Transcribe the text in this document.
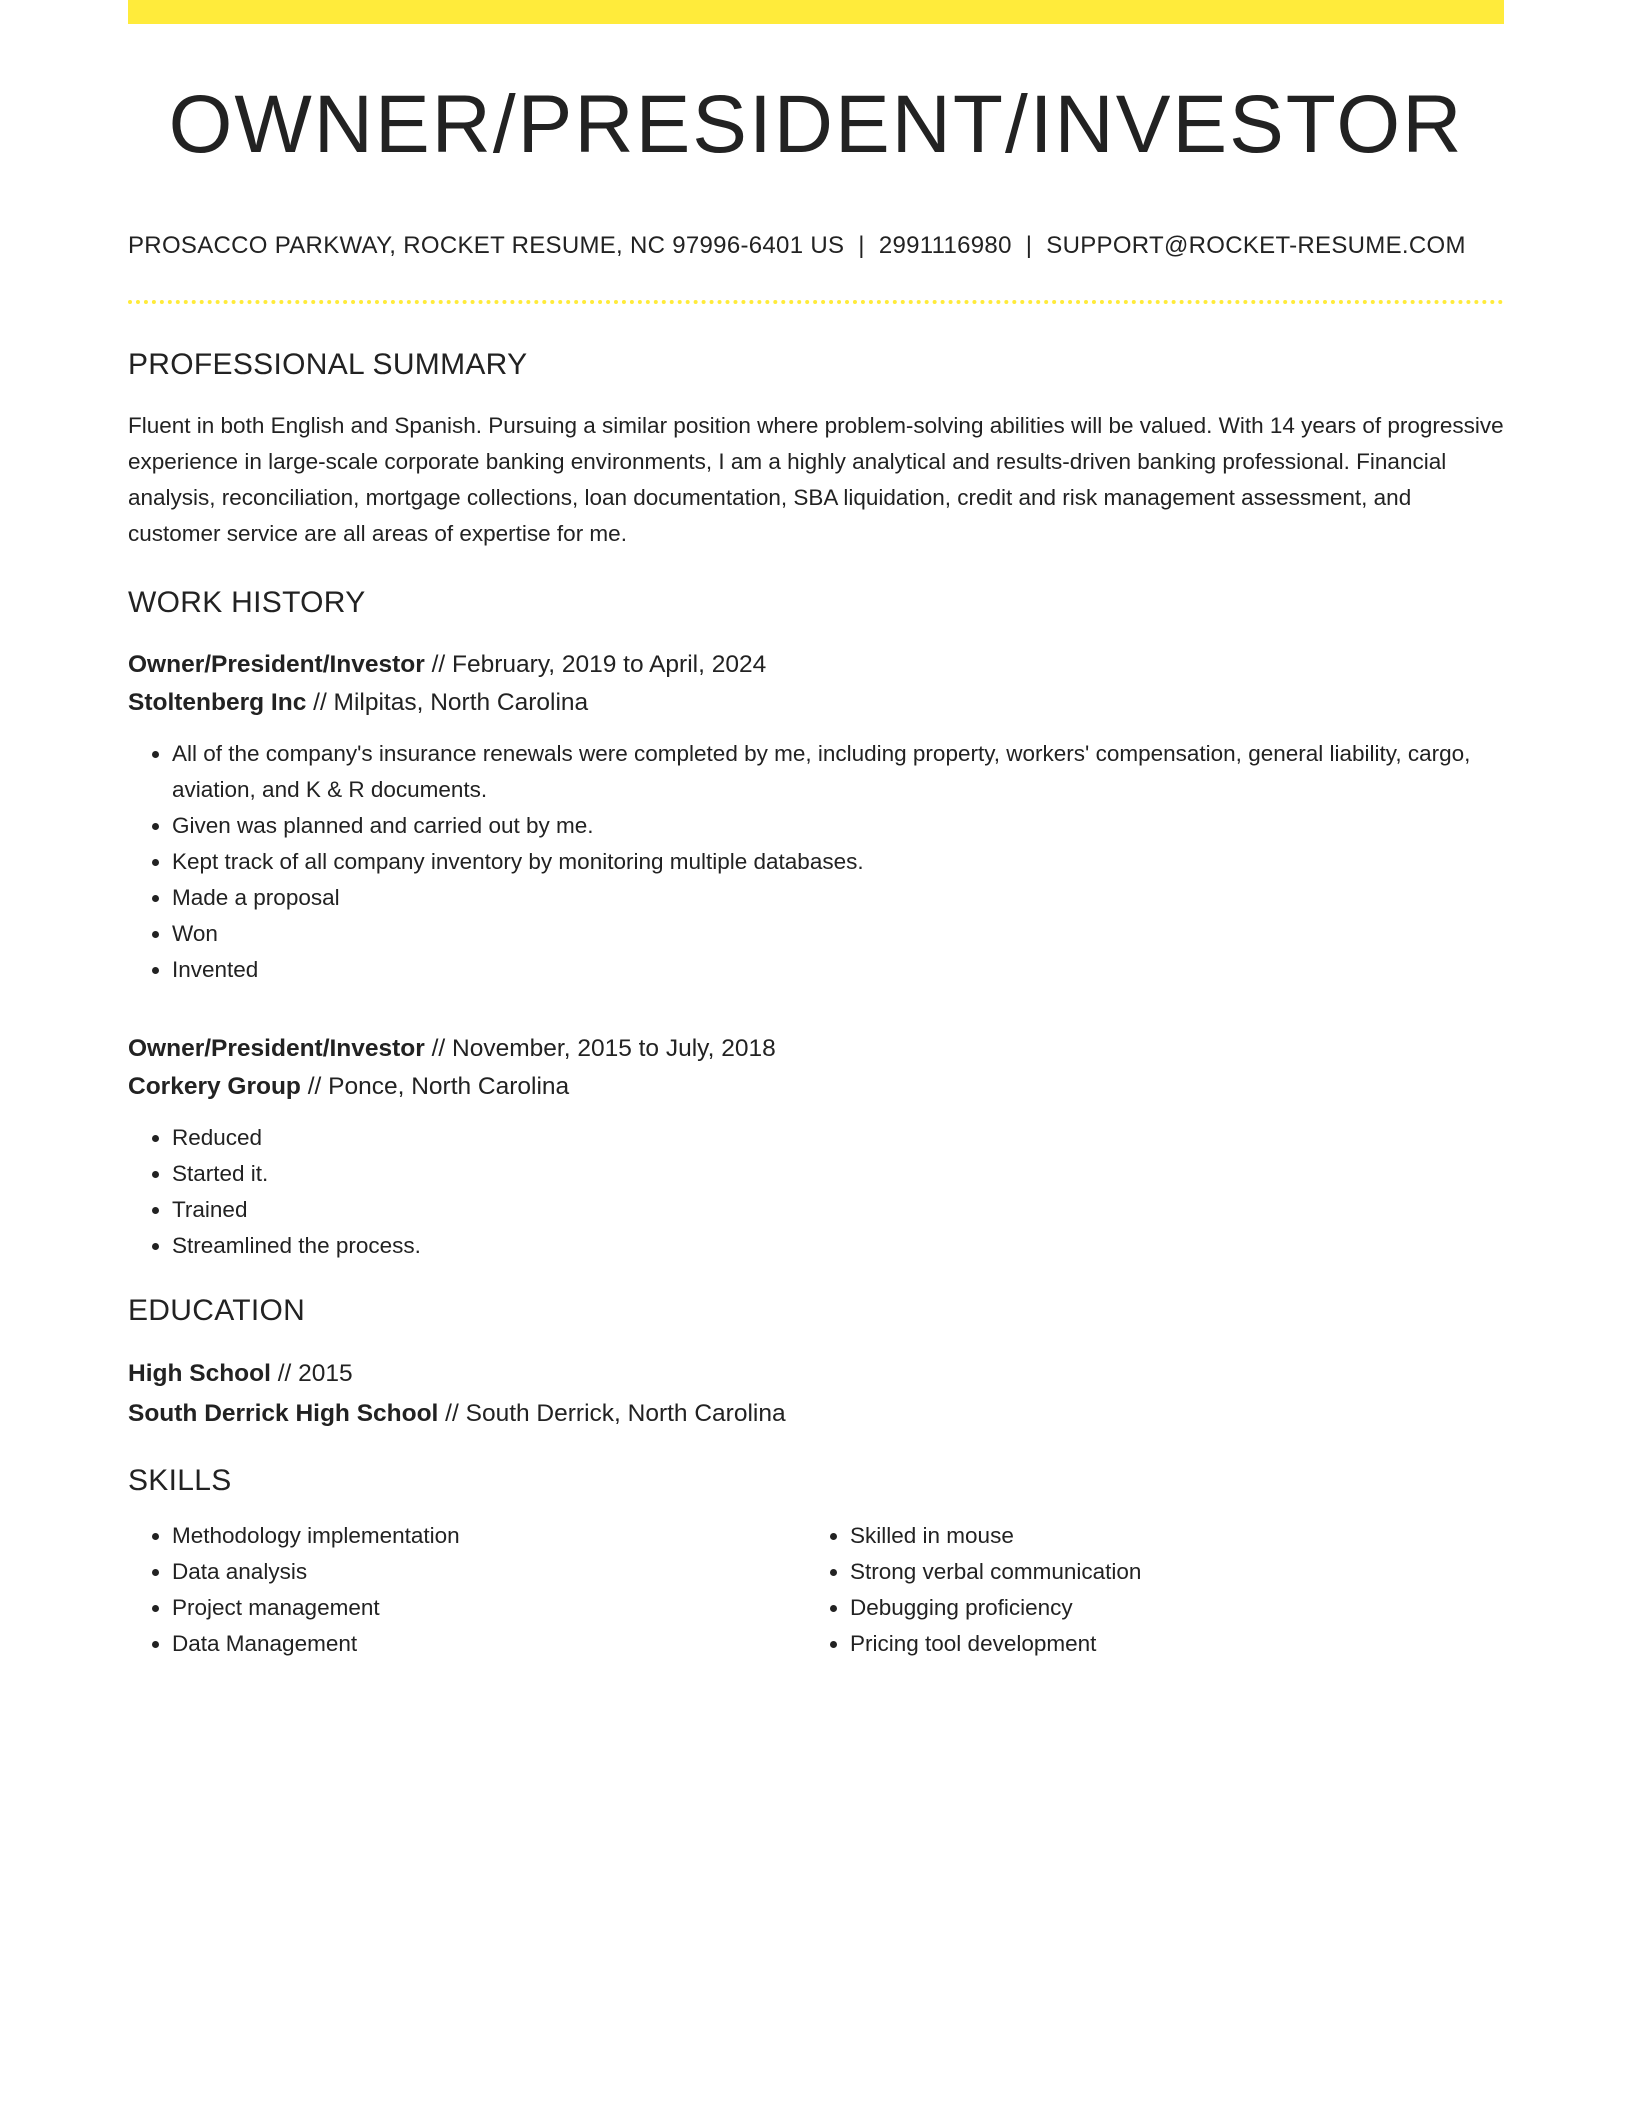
OWNER/PRESIDENT/INVESTOR
PROSACCO PARKWAY, ROCKET RESUME, NC 97996-6401 US | 2991116980 | SUPPORT@ROCKET-RESUME.COM
PROFESSIONAL SUMMARY

Fluent in both English and Spanish. Pursuing a similar position where problem-solving abilities will be valued. With 14 years of progressive experience in large-scale corporate banking environments, I am a highly analytical and results-driven banking professional. Financial analysis, reconciliation, mortgage collections, loan documentation, SBA liquidation, credit and risk management assessment, and customer service are all areas of expertise for me.

WORK HISTORY
Owner/President/Investor // February, 2019 to April, 2024
Stoltenberg Inc // Milpitas, North Carolina
• All of the company's insurance renewals were completed by me, including property, workers' compensation, general liability, cargo, aviation, and K & R documents.
• Given was planned and carried out by me.
• Kept track of all company inventory by monitoring multiple databases.
• Made a proposal
• Won
• Invented
Owner/President/Investor // November, 2015 to July, 2018
Corkery Group // Ponce, North Carolina
• Reduced
• Started it.
• Trained
• Streamlined the process.
EDUCATION
High School // 2015
South Derrick High School // South Derrick, North Carolina
SKILLS
• Methodology implementation
• Data analysis
• Project management
• Data Management
• Skilled in mouse
• Strong verbal communication
• Debugging proficiency
• Pricing tool development
